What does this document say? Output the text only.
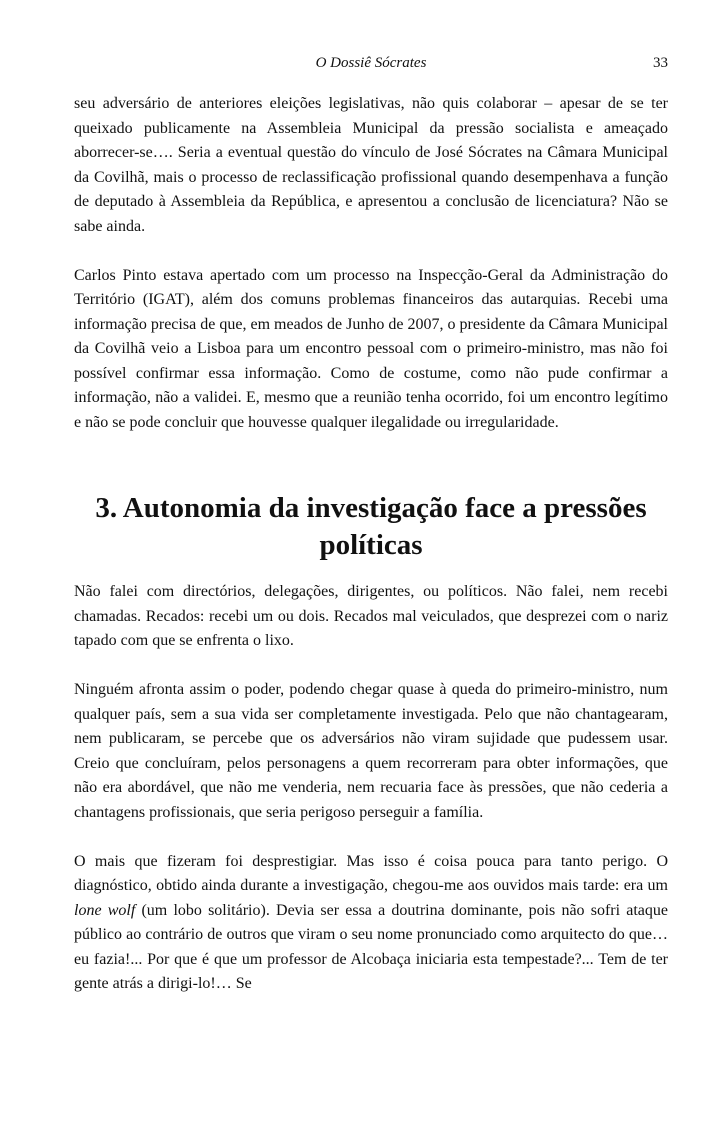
O Dossiê Sócrates	33

seu adversário de anteriores eleições legislativas, não quis colaborar – apesar de se ter queixado publicamente na Assembleia Municipal da pressão socialista e ameaçado aborrecer-se…. Seria a eventual questão do vínculo de José Sócrates na Câmara Municipal da Covilhã, mais o processo de reclassificação profissional quando desempenhava a função de deputado à Assembleia da República, e apresentou a conclusão de licenciatura? Não se sabe ainda.

Carlos Pinto estava apertado com um processo na Inspecção-Geral da Administração do Território (IGAT), além dos comuns problemas financeiros das autarquias. Recebi uma informação precisa de que, em meados de Junho de 2007, o presidente da Câmara Municipal da Covilhã veio a Lisboa para um encontro pessoal com o primeiro-ministro, mas não foi possível confirmar essa informação. Como de costume, como não pude confirmar a informação, não a validei. E, mesmo que a reunião tenha ocorrido, foi um encontro legítimo e não se pode concluir que houvesse qualquer ilegalidade ou irregularidade.

3. Autonomia da investigação face a pressões políticas

Não falei com directórios, delegações, dirigentes, ou políticos. Não falei, nem recebi chamadas. Recados: recebi um ou dois. Recados mal veiculados, que desprezei com o nariz tapado com que se enfrenta o lixo.

Ninguém afronta assim o poder, podendo chegar quase à queda do primeiro-ministro, num qualquer país, sem a sua vida ser completamente investigada. Pelo que não chantagearam, nem publicaram, se percebe que os adversários não viram sujidade que pudessem usar. Creio que concluíram, pelos personagens a quem recorreram para obter informações, que não era abordável, que não me venderia, nem recuaria face às pressões, que não cederia a chantagens profissionais, que seria perigoso perseguir a família.

O mais que fizeram foi desprestigiar. Mas isso é coisa pouca para tanto perigo. O diagnóstico, obtido ainda durante a investigação, chegou-me aos ouvidos mais tarde: era um lone wolf (um lobo solitário). Devia ser essa a doutrina dominante, pois não sofri ataque público ao contrário de outros que viram o seu nome pronunciado como arquitecto do que… eu fazia!... Por que é que um professor de Alcobaça iniciaria esta tempestade?... Tem de ter gente atrás a dirigi-lo!… Se
